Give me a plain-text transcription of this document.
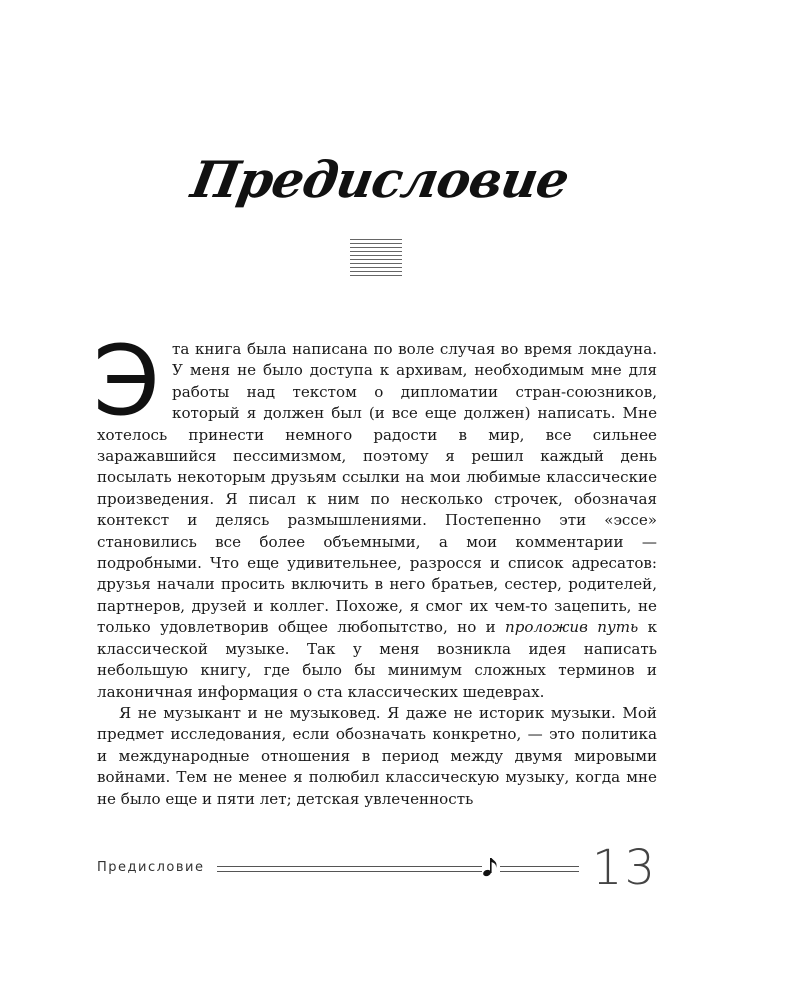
Предисловие

Эта книга была написана по воле случая во время локдауна. У меня не было доступа к архивам, необходимым мне для работы над текстом о дипломатии стран-союзников, который я должен был (и все еще должен) написать. Мне хотелось принести немного радости в мир, все сильнее заражавшийся пессимизмом, поэтому я решил каждый день посылать некоторым друзьям ссылки на мои любимые классические произведения. Я писал к ним по несколько строчек, обозначая контекст и делясь размышлениями. Постепенно эти «эссе» становились все более объемными, а мои комментарии — подробными. Что еще удивительнее, разросся и список адресатов: друзья начали просить включить в него братьев, сестер, родителей, партнеров, друзей и коллег. Похоже, я смог их чем-то зацепить, не только удовлетворив общее любопытство, но и проложив путь к классической музыке. Так у меня возникла идея написать небольшую книгу, где было бы минимум сложных терминов и лаконичная информация о ста классических шедеврах.

Я не музыкант и не музыковед. Я даже не историк музыки. Мой предмет исследования, если обозначать конкретно, — это политика и международные отношения в период между двумя мировыми войнами. Тем не менее я полюбил классическую музыку, когда мне не было еще и пяти лет; детская увлеченность

Предисловие	13
